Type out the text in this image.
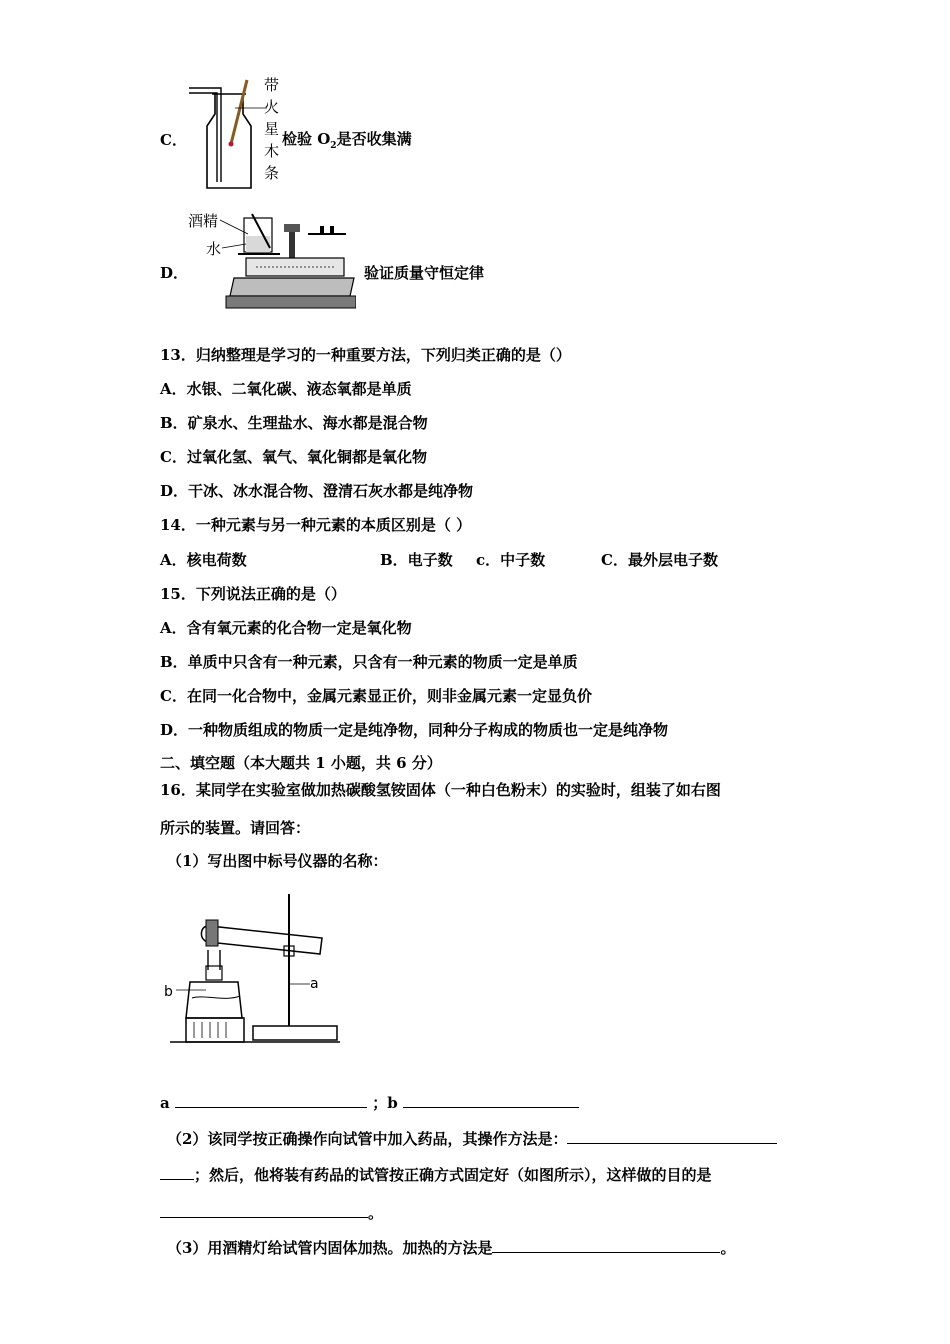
带
火
星
木
条
C．	检验 $O_2$是否收集满
D．
酒精
水
验证质量守恒定律
13．归纳整理是学习的一种重要方法，下列归类正确的是（）
A．水银、二氧化碳、液态氧都是单质
B．矿泉水、生理盐水、海水都是混合物
C．过氧化氢、氧气、氧化铜都是氧化物
D．干冰、冰水混合物、澄清石灰水都是纯净物
14．一种元素与另一种元素的本质区别是（ ）
A．核电荷数	B．电子数 c．中子数	C．最外层电子数
15．下列说法正确的是（）
A．含有氧元素的化合物一定是氧化物
B．单质中只含有一种元素，只含有一种元素的物质一定是单质
C．在同一化合物中，金属元素显正价，则非金属元素一定显负价
D．一种物质组成的物质一定是纯净物，同种分子构成的物质也一定是纯净物
二、填空题（本大题共 1 小题，共 6 分）
16．某同学在实验室做加热碳酸氢铵固体（一种白色粉末）的实验时，组装了如右图
所示的装置。请回答：
（1）写出图中标号仪器的名称：
b	a
a	；b
（2）该同学按正确操作向试管中加入药品，其操作方法是：
；然后，他将装有药品的试管按正确方式固定好（如图所示），这样做的目的是
。
（3）用酒精灯给试管内固体加热。加热的方法是	。
